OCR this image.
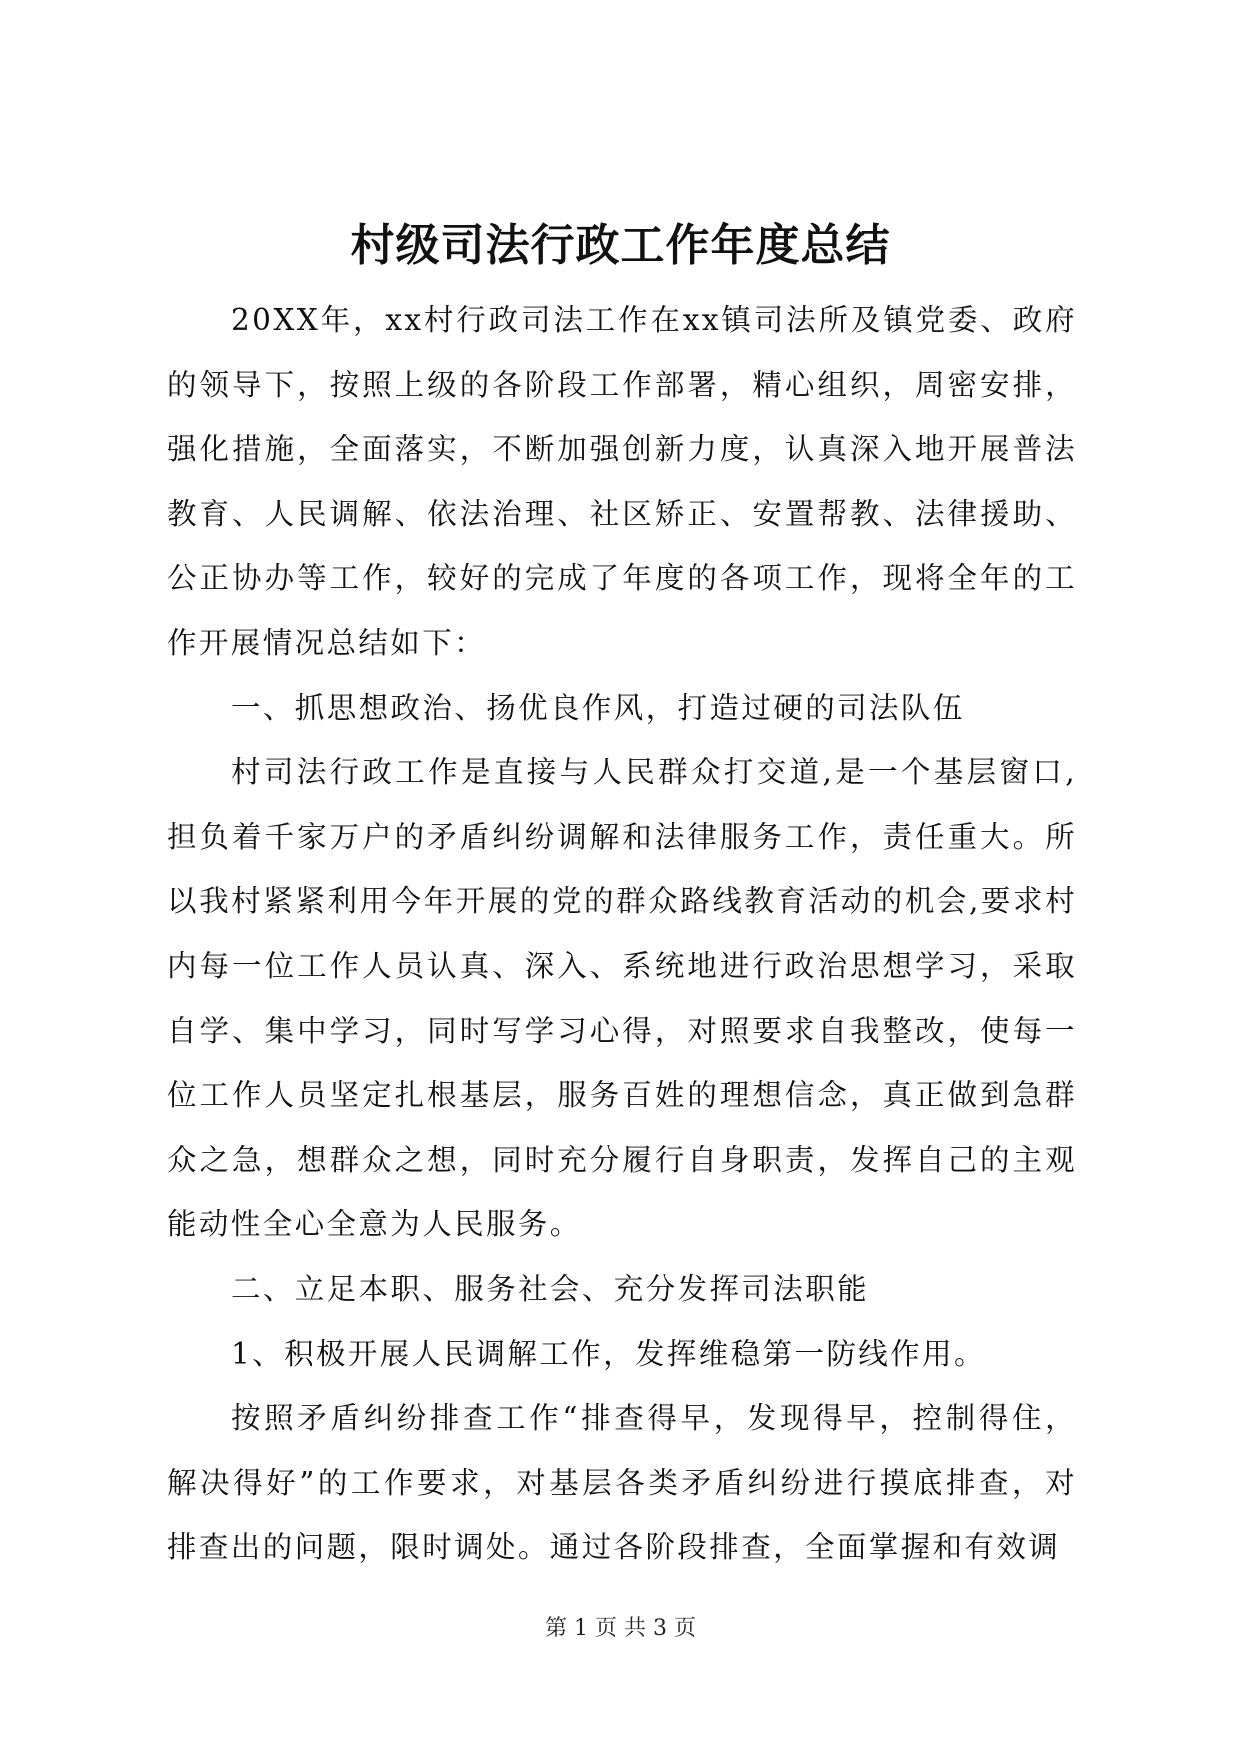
村级司法行政工作年度总结

20XX年，xx村行政司法工作在xx镇司法所及镇党委、政府的领导下，按照上级的各阶段工作部署，精心组织，周密安排，强化措施，全面落实，不断加强创新力度，认真深入地开展普法教育、人民调解、依法治理、社区矫正、安置帮教、法律援助、公正协办等工作，较好的完成了年度的各项工作，现将全年的工作开展情况总结如下：

一、抓思想政治、扬优良作风，打造过硬的司法队伍

村司法行政工作是直接与人民群众打交道,是一个基层窗口,担负着千家万户的矛盾纠纷调解和法律服务工作，责任重大。所以我村紧紧利用今年开展的党的群众路线教育活动的机会,要求村内每一位工作人员认真、深入、系统地进行政治思想学习，采取自学、集中学习，同时写学习心得，对照要求自我整改，使每一位工作人员坚定扎根基层，服务百姓的理想信念，真正做到急群众之急，想群众之想，同时充分履行自身职责，发挥自己的主观能动性全心全意为人民服务。

二、立足本职、服务社会、充分发挥司法职能

1、积极开展人民调解工作，发挥维稳第一防线作用。

按照矛盾纠纷排查工作“排查得早，发现得早，控制得住，解决得好”的工作要求，对基层各类矛盾纠纷进行摸底排查，对排查出的问题，限时调处。通过各阶段排查，全面掌握和有效调

第 1 页 共 3 页
